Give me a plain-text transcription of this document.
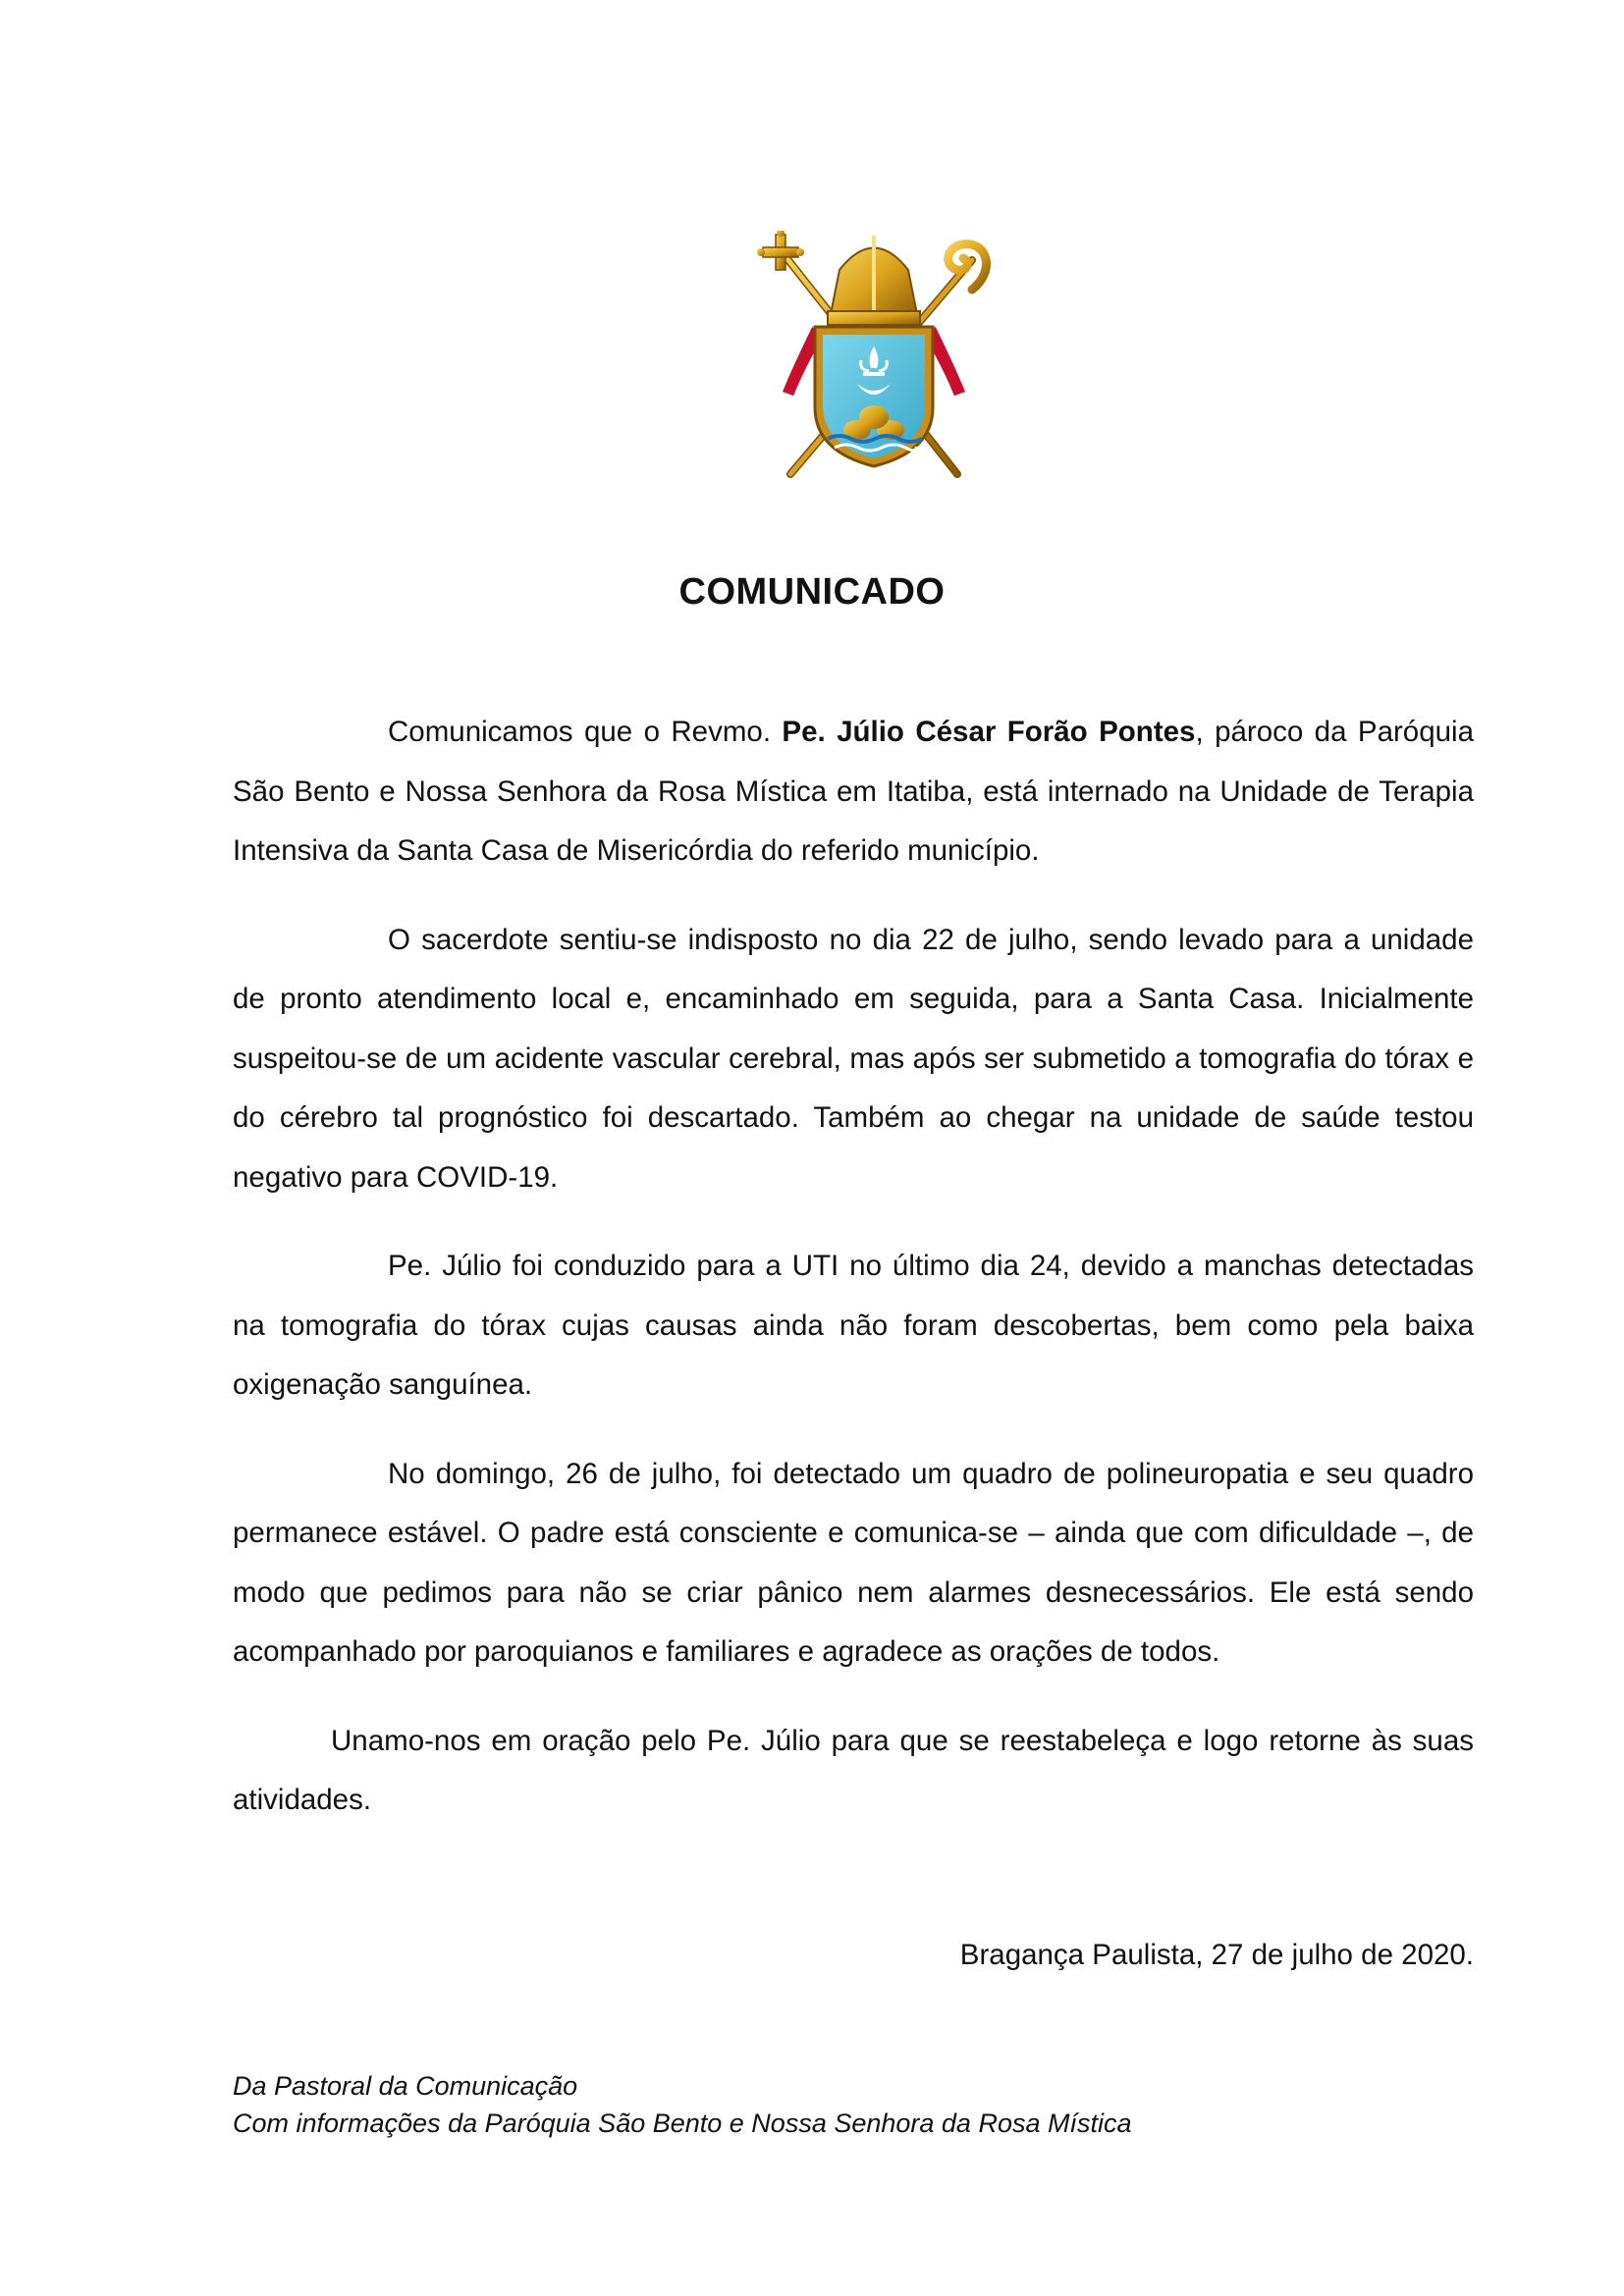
COMUNICADO

Comunicamos que o Revmo. Pe. Júlio César Forão Pontes, pároco da Paróquia São Bento e Nossa Senhora da Rosa Mística em Itatiba, está internado na Unidade de Terapia Intensiva da Santa Casa de Misericórdia do referido município.

O sacerdote sentiu-se indisposto no dia 22 de julho, sendo levado para a unidade de pronto atendimento local e, encaminhado em seguida, para a Santa Casa. Inicialmente suspeitou-se de um acidente vascular cerebral, mas após ser submetido a tomografia do tórax e do cérebro tal prognóstico foi descartado. Também ao chegar na unidade de saúde testou negativo para COVID-19.

Pe. Júlio foi conduzido para a UTI no último dia 24, devido a manchas detectadas na tomografia do tórax cujas causas ainda não foram descobertas, bem como pela baixa oxigenação sanguínea.

No domingo, 26 de julho, foi detectado um quadro de polineuropatia e seu quadro permanece estável. O padre está consciente e comunica-se – ainda que com dificuldade –, de modo que pedimos para não se criar pânico nem alarmes desnecessários. Ele está sendo acompanhado por paroquianos e familiares e agradece as orações de todos.

Unamo-nos em oração pelo Pe. Júlio para que se reestabeleça e logo retorne às suas atividades.

Bragança Paulista, 27 de julho de 2020.
Da Pastoral da Comunicação
Com informações da Paróquia São Bento e Nossa Senhora da Rosa Mística
